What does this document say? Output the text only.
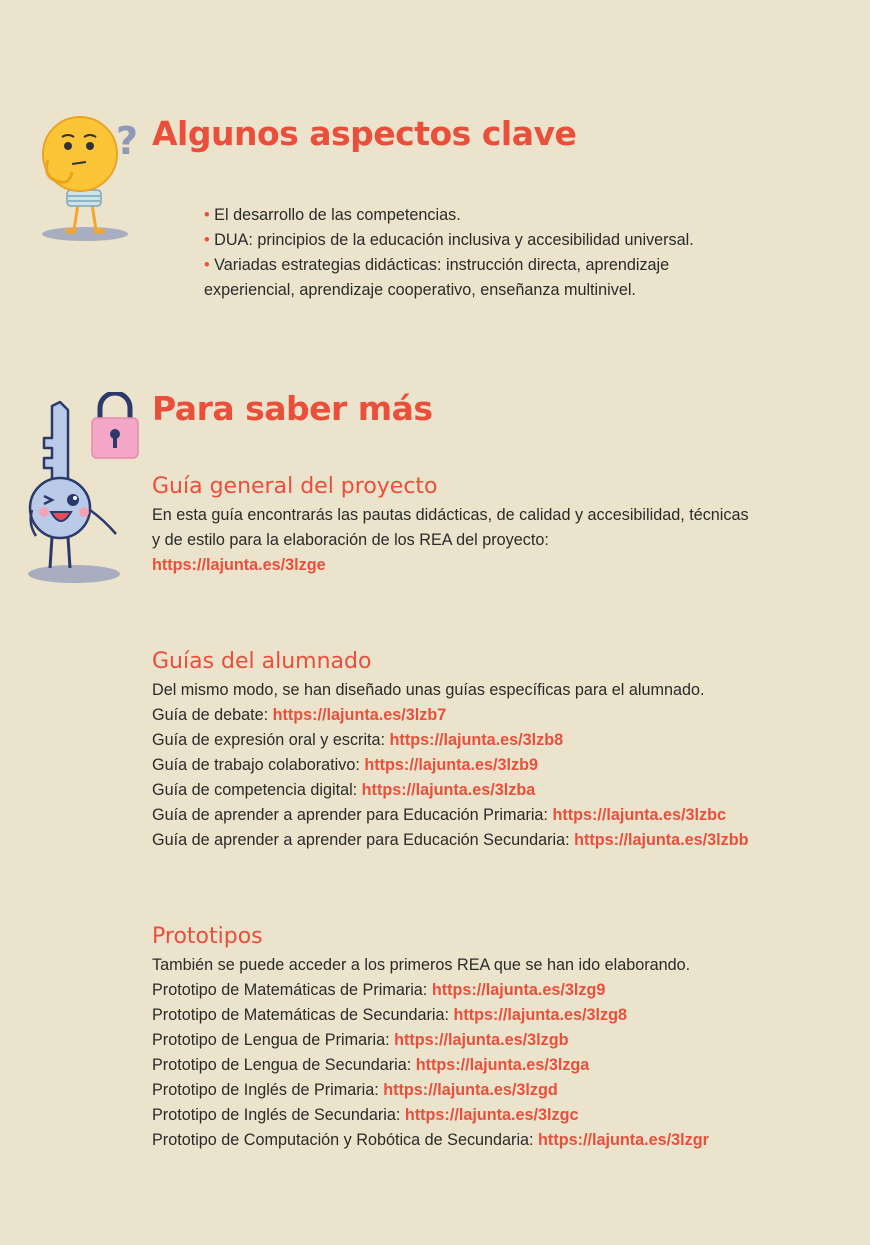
? Algunos aspectos clave
• El desarrollo de las competencias.
• DUA: principios de la educación inclusiva y accesibilidad universal.
• Variadas estrategias didácticas: instrucción directa, aprendizaje
experiencial, aprendizaje cooperativo, enseñanza multinivel.
Para saber más
Guía general del proyecto
En esta guía encontrarás las pautas didácticas, de calidad y accesibilidad, técnicas
y de estilo para la elaboración de los REA del proyecto:
https://lajunta.es/3lzge
Guías del alumnado
Del mismo modo, se han diseñado unas guías específicas para el alumnado.
Guía de debate: https://lajunta.es/3lzb7
Guía de expresión oral y escrita: https://lajunta.es/3lzb8
Guía de trabajo colaborativo: https://lajunta.es/3lzb9
Guía de competencia digital: https://lajunta.es/3lzba
Guía de aprender a aprender para Educación Primaria: https://lajunta.es/3lzbc
Guía de aprender a aprender para Educación Secundaria: https://lajunta.es/3lzbb
Prototipos
También se puede acceder a los primeros REA que se han ido elaborando.
Prototipo de Matemáticas de Primaria: https://lajunta.es/3lzg9
Prototipo de Matemáticas de Secundaria: https://lajunta.es/3lzg8
Prototipo de Lengua de Primaria: https://lajunta.es/3lzgb
Prototipo de Lengua de Secundaria: https://lajunta.es/3lzga
Prototipo de Inglés de Primaria: https://lajunta.es/3lzgd
Prototipo de Inglés de Secundaria: https://lajunta.es/3lzgc
Prototipo de Computación y Robótica de Secundaria: https://lajunta.es/3lzgr
